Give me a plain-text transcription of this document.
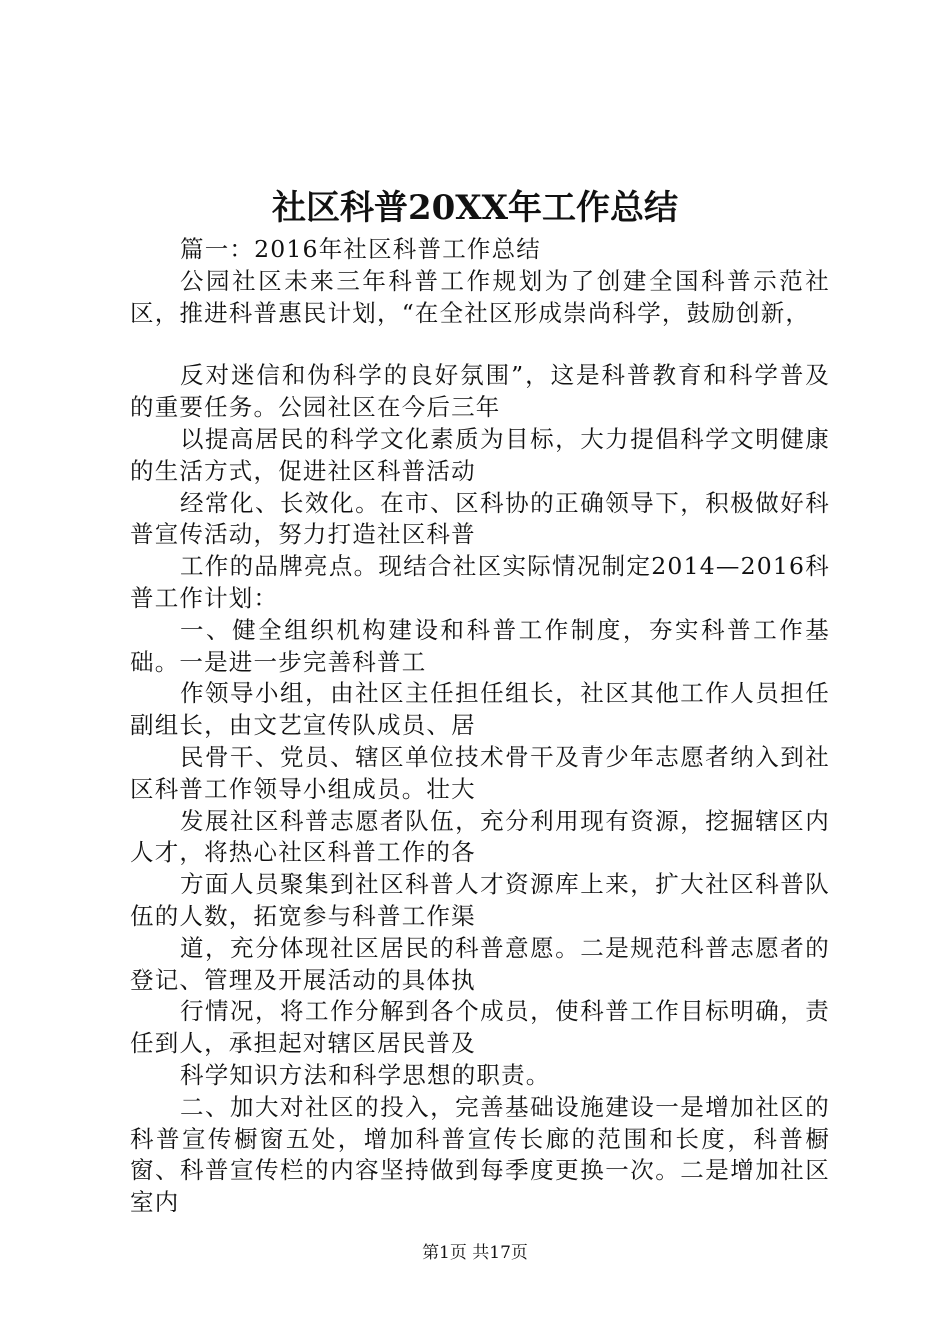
社区科普20XX年工作总结

篇一：2016年社区科普工作总结

公园社区未来三年科普工作规划为了创建全国科普示范社区，推进科普惠民计划，“在全社区形成崇尚科学，鼓励创新，

反对迷信和伪科学的良好氛围”，这是科普教育和科学普及的重要任务。公园社区在今后三年

以提高居民的科学文化素质为目标，大力提倡科学文明健康的生活方式，促进社区科普活动

经常化、长效化。在市、区科协的正确领导下，积极做好科普宣传活动，努力打造社区科普

工作的品牌亮点。现结合社区实际情况制定2014—2016科普工作计划：

一、健全组织机构建设和科普工作制度，夯实科普工作基础。一是进一步完善科普工

作领导小组，由社区主任担任组长，社区其他工作人员担任副组长，由文艺宣传队成员、居

民骨干、党员、辖区单位技术骨干及青少年志愿者纳入到社区科普工作领导小组成员。壮大

发展社区科普志愿者队伍，充分利用现有资源，挖掘辖区内人才，将热心社区科普工作的各

方面人员聚集到社区科普人才资源库上来，扩大社区科普队伍的人数，拓宽参与科普工作渠

道，充分体现社区居民的科普意愿。二是规范科普志愿者的登记、管理及开展活动的具体执

行情况，将工作分解到各个成员，使科普工作目标明确，责任到人，承担起对辖区居民普及

科学知识方法和科学思想的职责。

二、加大对社区的投入，完善基础设施建设一是增加社区的科普宣传橱窗五处，增加科普宣传长廊的范围和长度，科普橱窗、科普宣传栏的内容坚持做到每季度更换一次。二是增加社区室内

第1页 共17页
